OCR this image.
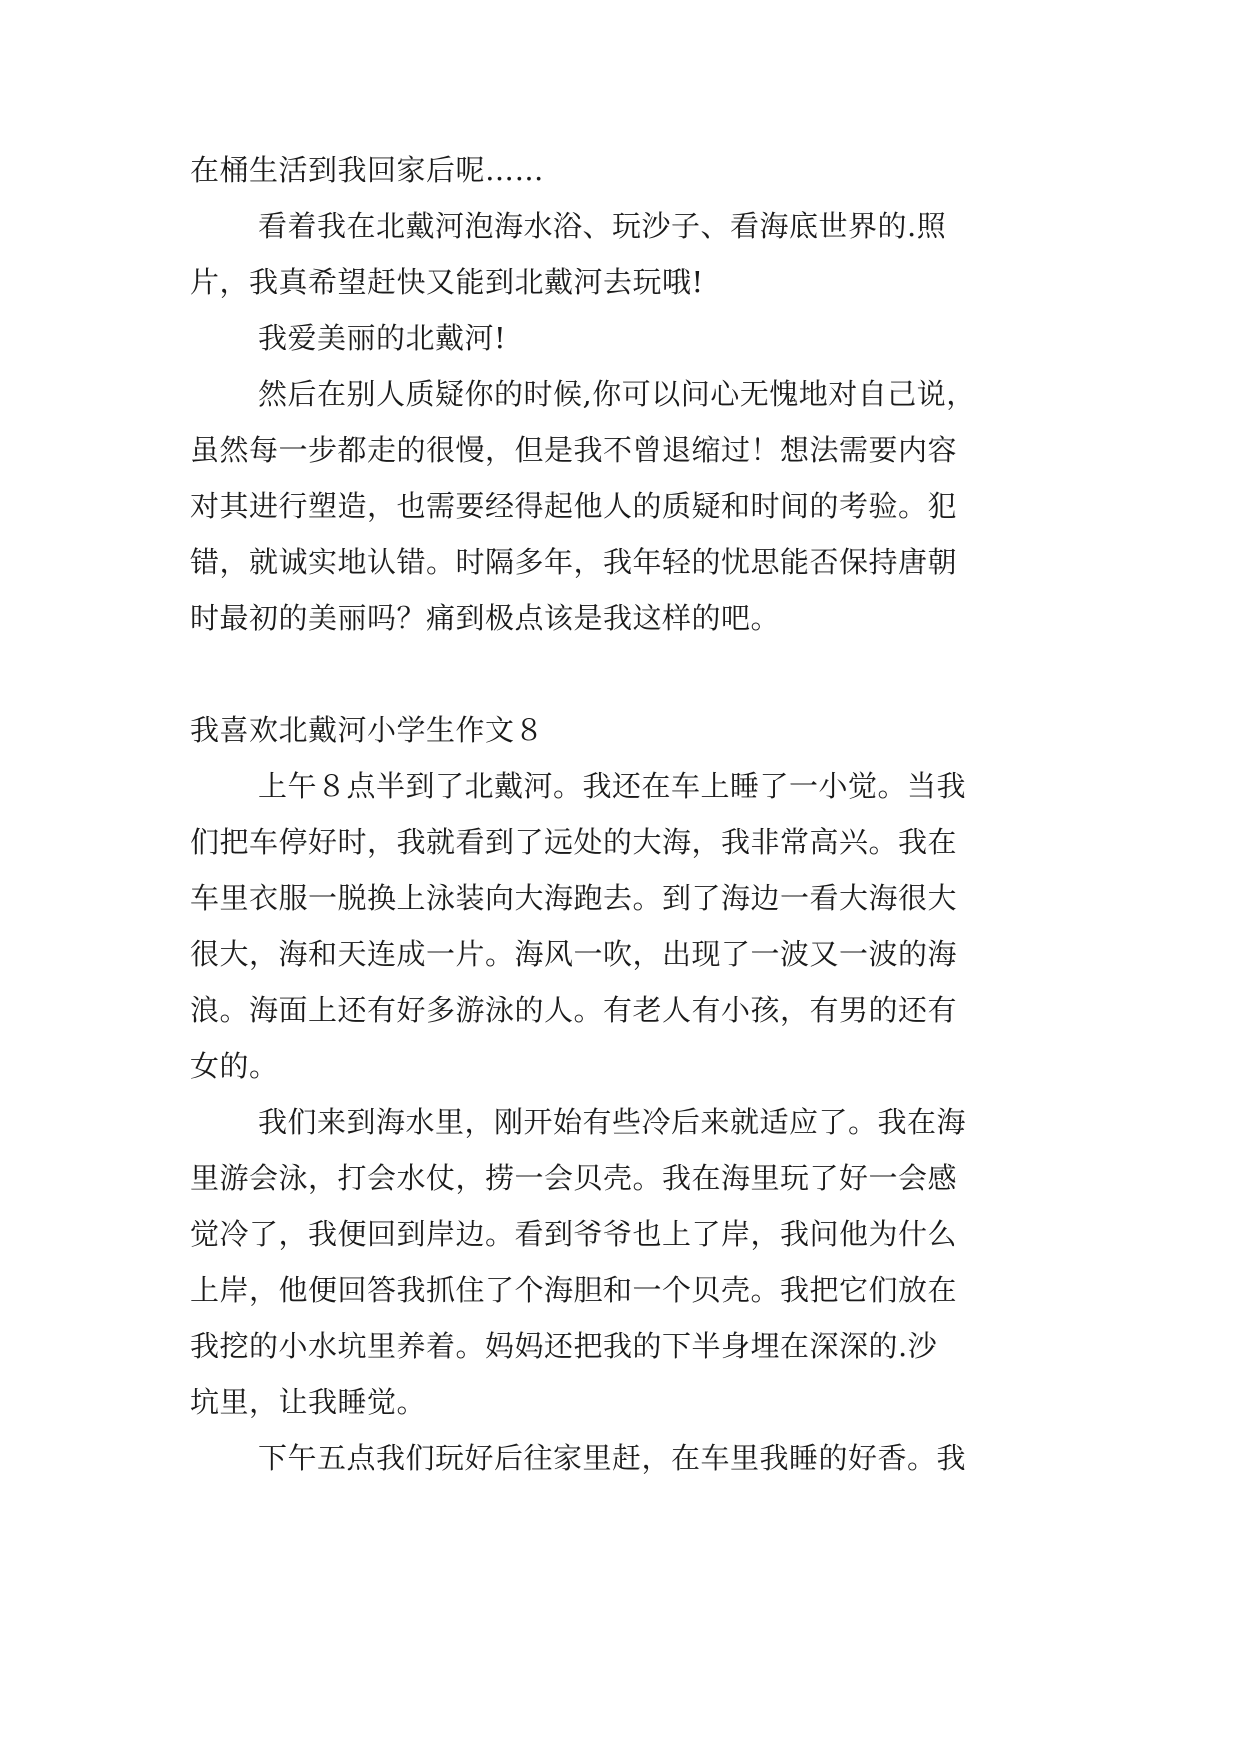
在桶生活到我回家后呢……
看着我在北戴河泡海水浴、玩沙子、看海底世界的.照
片，我真希望赶快又能到北戴河去玩哦!
我爱美丽的北戴河!
然后在别人质疑你的时候,你可以问心无愧地对自己说，
虽然每一步都走的很慢，但是我不曾退缩过！想法需要内容
对其进行塑造，也需要经得起他人的质疑和时间的考验。犯
错，就诚实地认错。时隔多年，我年轻的忧思能否保持唐朝
时最初的美丽吗？痛到极点该是我这样的吧。
我喜欢北戴河小学生作文８
上午８点半到了北戴河。我还在车上睡了一小觉。当我
们把车停好时，我就看到了远处的大海，我非常高兴。我在
车里衣服一脱换上泳装向大海跑去。到了海边一看大海很大
很大，海和天连成一片。海风一吹，出现了一波又一波的海
浪。海面上还有好多游泳的人。有老人有小孩，有男的还有
女的。
我们来到海水里，刚开始有些冷后来就适应了。我在海
里游会泳，打会水仗，捞一会贝壳。我在海里玩了好一会感
觉冷了，我便回到岸边。看到爷爷也上了岸，我问他为什么
上岸，他便回答我抓住了个海胆和一个贝壳。我把它们放在
我挖的小水坑里养着。妈妈还把我的下半身埋在深深的.沙
坑里，让我睡觉。
下午五点我们玩好后往家里赶，在车里我睡的好香。我
